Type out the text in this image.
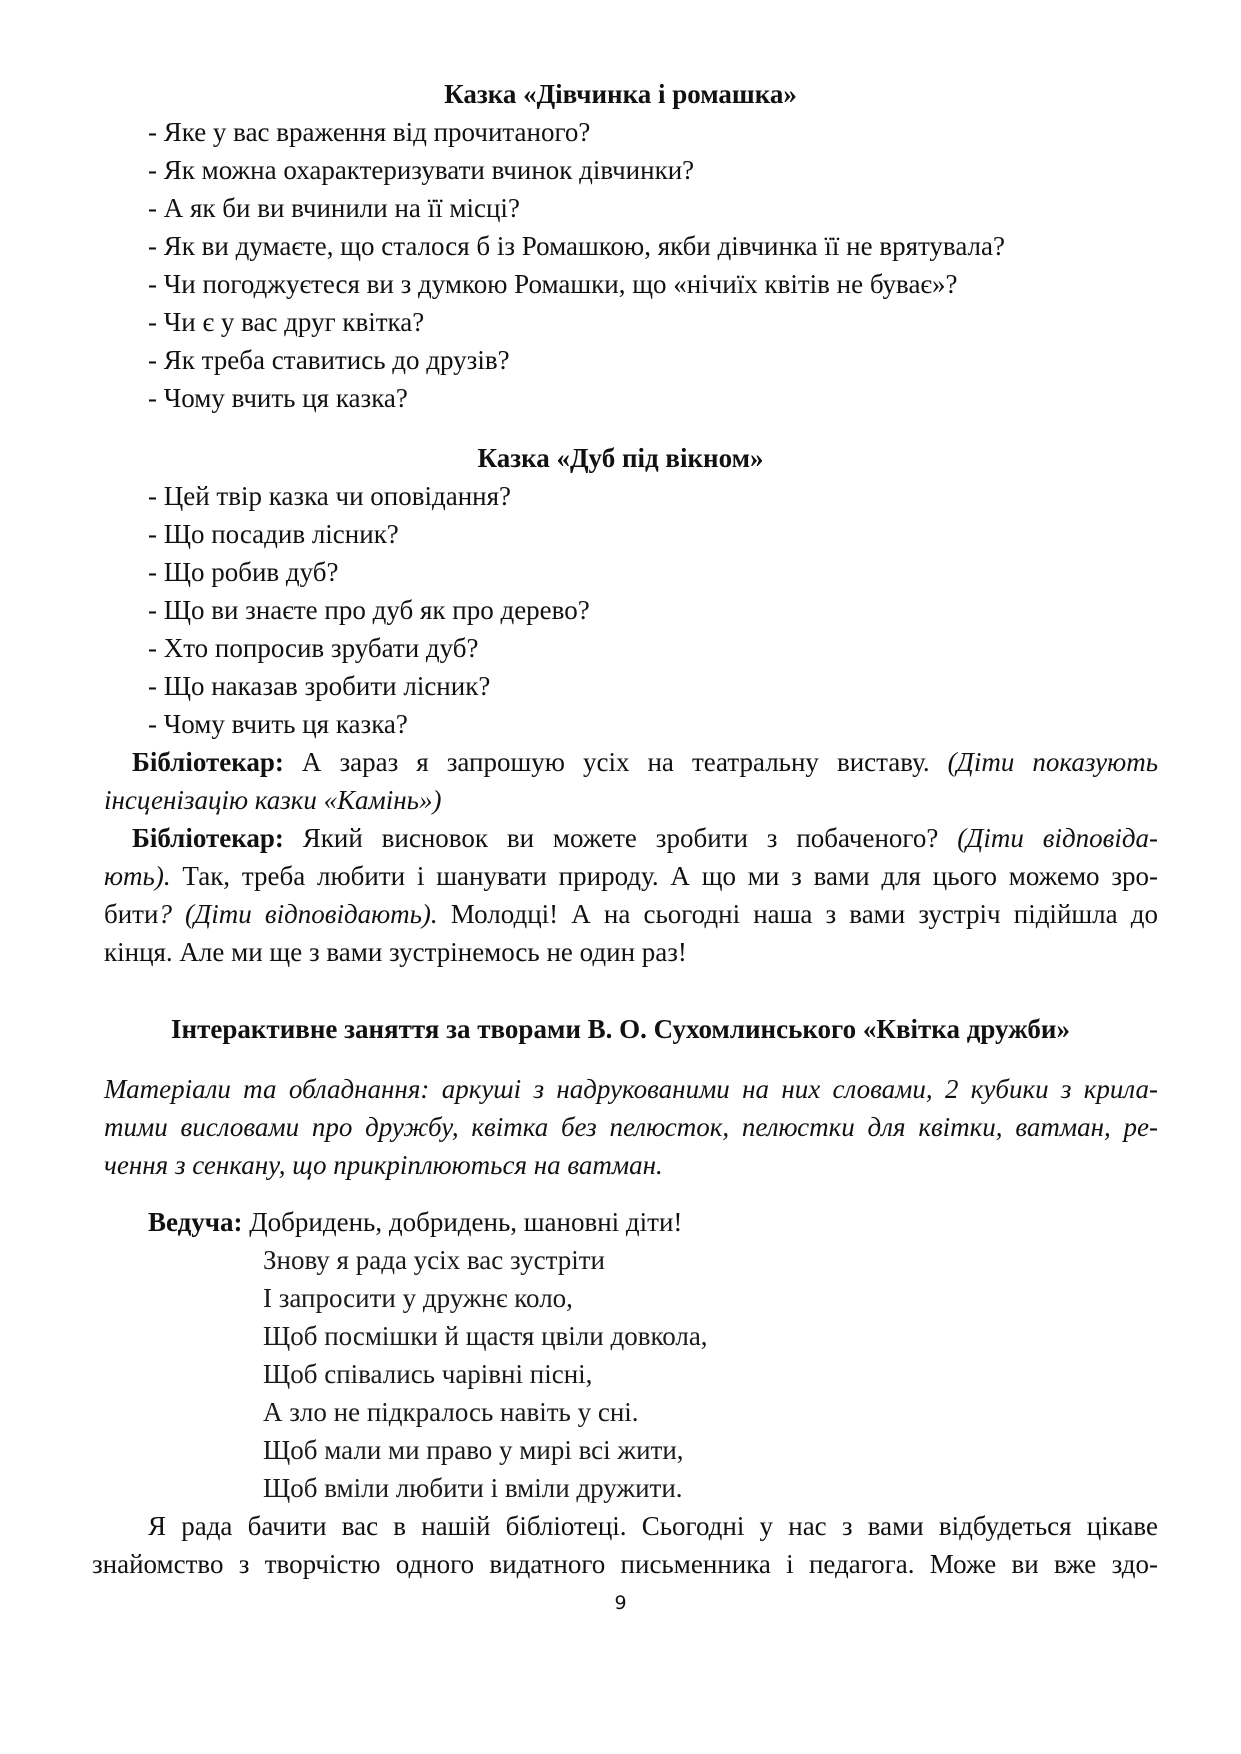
Казка «Дівчинка і ромашка»
- Яке у вас враження від прочитаного?
- Як можна охарактеризувати вчинок дівчинки?
- А як би ви вчинили на її місці?
- Як ви думаєте, що сталося б із Ромашкою, якби дівчинка її не врятувала?
- Чи погоджуєтеся ви з думкою Ромашки, що «нічиїх квітів не буває»?
- Чи є у вас друг квітка?
- Як треба ставитись до друзів?
- Чому вчить ця казка?
Казка «Дуб під вікном»
- Цей твір казка чи оповідання?
- Що посадив лісник?
- Що робив дуб?
- Що ви знаєте про дуб як про дерево?
- Хто попросив зрубати дуб?
- Що наказав зробити лісник?
- Чому вчить ця казка?
Бібліотекар: А зараз я запрошую усіх на театральну виставу. (Діти показують
інсценізацію казки «Камінь»)
Бібліотекар: Який висновок ви можете зробити з побаченого? (Діти відповіда-
ють). Так, треба любити і шанувати природу. А що ми з вами для цього можемо зро-
бити? (Діти відповідають). Молодці! А на сьогодні наша з вами зустріч підійшла до
кінця. Але ми ще з вами зустрінемось не один раз!
Інтерактивне заняття за творами В. О. Сухомлинського «Квітка дружби»
Матеріали та обладнання: аркуші з надрукованими на них словами, 2 кубики з крила-
тими висловами про дружбу, квітка без пелюсток, пелюстки для квітки, ватман, ре-
чення з сенкану, що прикріплюються на ватман.
Ведуча: Добридень, добридень, шановні діти!
Знову я рада усіх вас зустріти
І запросити у дружнє коло,
Щоб посмішки й щастя цвіли довкола,
Щоб співались чарівні пісні,
А зло не підкралось навіть у сні.
Щоб мали ми право у мирі всі жити,
Щоб вміли любити і вміли дружити.
Я рада бачити вас в нашій бібліотеці. Сьогодні у нас з вами відбудеться цікаве
знайомство з творчістю одного видатного письменника і педагога. Може ви вже здо-
9
